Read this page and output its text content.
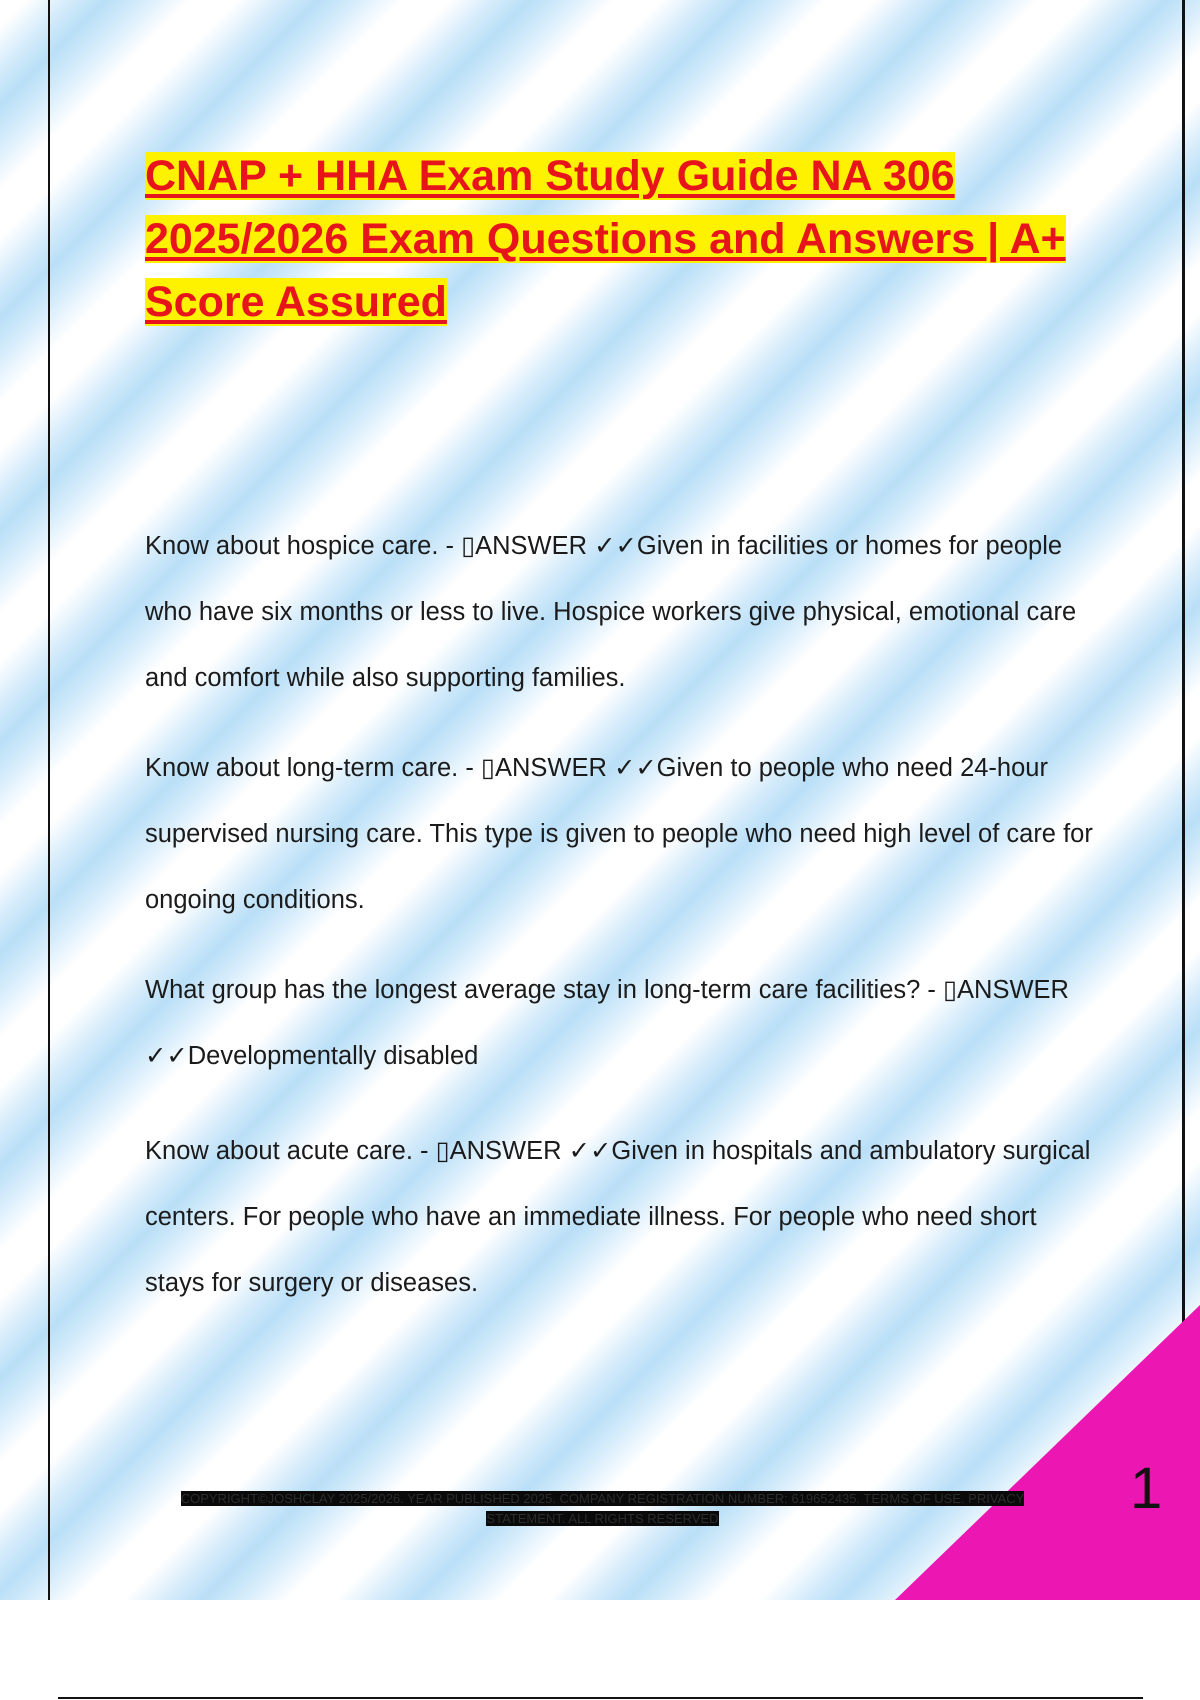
CNAP + HHA Exam Study Guide NA 306 2025/2026 Exam Questions and Answers | A+ Score Assured

Know about hospice care. - ▯ANSWER ✓✓Given in facilities or homes for people who have six months or less to live. Hospice workers give physical, emotional care and comfort while also supporting families.

Know about long-term care. - ▯ANSWER ✓✓Given to people who need 24-hour supervised nursing care. This type is given to people who need high level of care for ongoing conditions.

What group has the longest average stay in long-term care facilities? - ▯ANSWER ✓✓Developmentally disabled

Know about acute care. - ▯ANSWER ✓✓Given in hospitals and ambulatory surgical centers. For people who have an immediate illness. For people who need short stays for surgery or diseases.

1

COPYRIGHT©JOSHCLAY 2025/2026. YEAR PUBLISHED 2025. COMPANY REGISTRATION NUMBER: 619652435. TERMS OF USE. PRIVACY STATEMENT. ALL RIGHTS RESERVED
